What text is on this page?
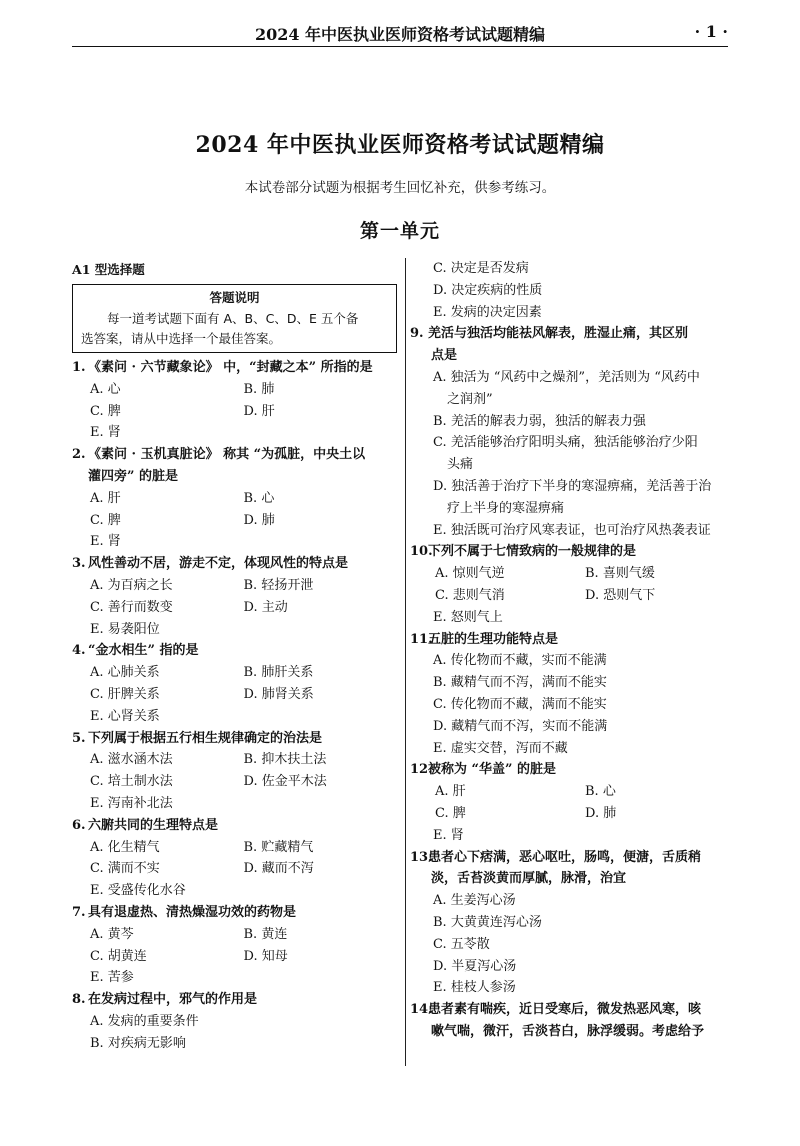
2024 年中医执业医师资格考试试题精编	· 1 ·
2024 年中医执业医师资格考试试题精编
本试卷部分试题为根据考生回忆补充，供参考练习。
第一单元
A1 型选择题
答题说明
每一道考试题下面有 A、B、C、D、E 五个备
选答案，请从中选择一个最佳答案。
1. 《素问 · 六节藏象论》 中，“封藏之本” 所指的是
A. 心	B. 肺
C. 脾	D. 肝
E. 肾
2. 《素问 · 玉机真脏论》 称其 “为孤脏，中央土以
灌四旁” 的脏是
A. 肝	B. 心
C. 脾	D. 肺
E. 肾
3. 风性善动不居，游走不定，体现风性的特点是
A. 为百病之长	B. 轻扬开泄
C. 善行而数变	D. 主动
E. 易袭阳位
4. “金水相生” 指的是
A. 心肺关系	B. 肺肝关系
C. 肝脾关系	D. 肺肾关系
E. 心肾关系
5. 下列属于根据五行相生规律确定的治法是
A. 滋水涵木法	B. 抑木扶土法
C. 培土制水法	D. 佐金平木法
E. 泻南补北法
6. 六腑共同的生理特点是
A. 化生精气	B. 贮藏精气
C. 满而不实	D. 藏而不泻
E. 受盛传化水谷
7. 具有退虚热、清热燥湿功效的药物是
A. 黄芩	B. 黄连
C. 胡黄连	D. 知母
E. 苦参
8. 在发病过程中，邪气的作用是
A. 发病的重要条件
B. 对疾病无影响
C. 决定是否发病
D. 决定疾病的性质
E. 发病的决定因素
9. 羌活与独活均能祛风解表，胜湿止痛，其区别
点是
A. 独活为 “风药中之燥剂”，羌活则为 “风药中
之润剂”
B. 羌活的解表力弱，独活的解表力强
C. 羌活能够治疗阳明头痛，独活能够治疗少阳
头痛
D. 独活善于治疗下半身的寒湿痹痛，羌活善于治
疗上半身的寒湿痹痛
E. 独活既可治疗风寒表证，也可治疗风热袭表证
10.下列不属于七情致病的一般规律的是
A. 惊则气逆	B. 喜则气缓
C. 悲则气消	D. 恐则气下
E. 怒则气上
11.五脏的生理功能特点是
A. 传化物而不藏，实而不能满
B. 藏精气而不泻，满而不能实
C. 传化物而不藏，满而不能实
D. 藏精气而不泻，实而不能满
E. 虚实交替，泻而不藏
12.被称为 “华盖” 的脏是
A. 肝	B. 心
C. 脾	D. 肺
E. 肾
13.患者心下痞满，恶心呕吐，肠鸣，便溏，舌质稍
淡，舌苔淡黄而厚腻，脉滑，治宜
A. 生姜泻心汤
B. 大黄黄连泻心汤
C. 五苓散
D. 半夏泻心汤
E. 桂枝人参汤
14.患者素有喘疾，近日受寒后，微发热恶风寒，咳
嗽气喘，微汗，舌淡苔白，脉浮缓弱。考虑给予
